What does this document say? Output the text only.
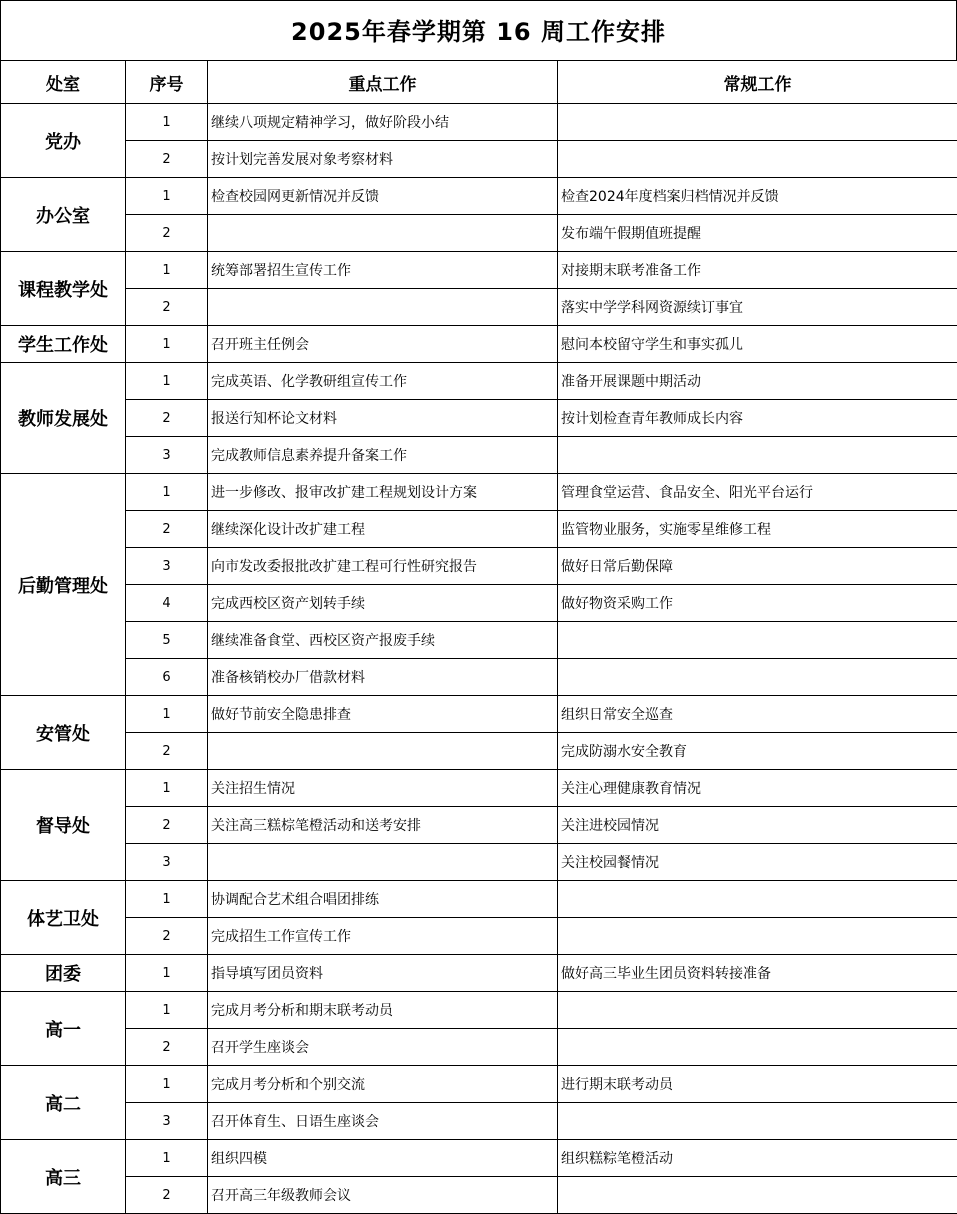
2025年春学期第 16 周工作安排
处室	序号	重点工作	常规工作
党办	1	继续八项规定精神学习，做好阶段小结	
	2	按计划完善发展对象考察材料	
办公室	1	检查校园网更新情况并反馈	检查2024年度档案归档情况并反馈
	2		发布端午假期值班提醒
课程教学处	1	统筹部署招生宣传工作	对接期末联考准备工作
	2		落实中学学科网资源续订事宜
学生工作处	1	召开班主任例会	慰问本校留守学生和事实孤儿
教师发展处	1	完成英语、化学教研组宣传工作	准备开展课题中期活动
	2	报送行知杯论文材料	按计划检查青年教师成长内容
	3	完成教师信息素养提升备案工作	
后勤管理处	1	进一步修改、报审改扩建工程规划设计方案	管理食堂运营、食品安全、阳光平台运行
	2	继续深化设计改扩建工程	监管物业服务，实施零星维修工程
	3	向市发改委报批改扩建工程可行性研究报告	做好日常后勤保障
	4	完成西校区资产划转手续	做好物资采购工作
	5	继续准备食堂、西校区资产报废手续	
	6	准备核销校办厂借款材料	
安管处	1	做好节前安全隐患排查	组织日常安全巡查
	2		完成防溺水安全教育
督导处	1	关注招生情况	关注心理健康教育情况
	2	关注高三糕棕笔橙活动和送考安排	关注进校园情况
	3		关注校园餐情况
体艺卫处	1	协调配合艺术组合唱团排练	
	2	完成招生工作宣传工作	
团委	1	指导填写团员资料	做好高三毕业生团员资料转接准备
高一	1	完成月考分析和期末联考动员	
	2	召开学生座谈会	
高二	1	完成月考分析和个别交流	进行期末联考动员
	3	召开体育生、日语生座谈会	
高三	1	组织四模	组织糕粽笔橙活动
	2	召开高三年级教师会议	
